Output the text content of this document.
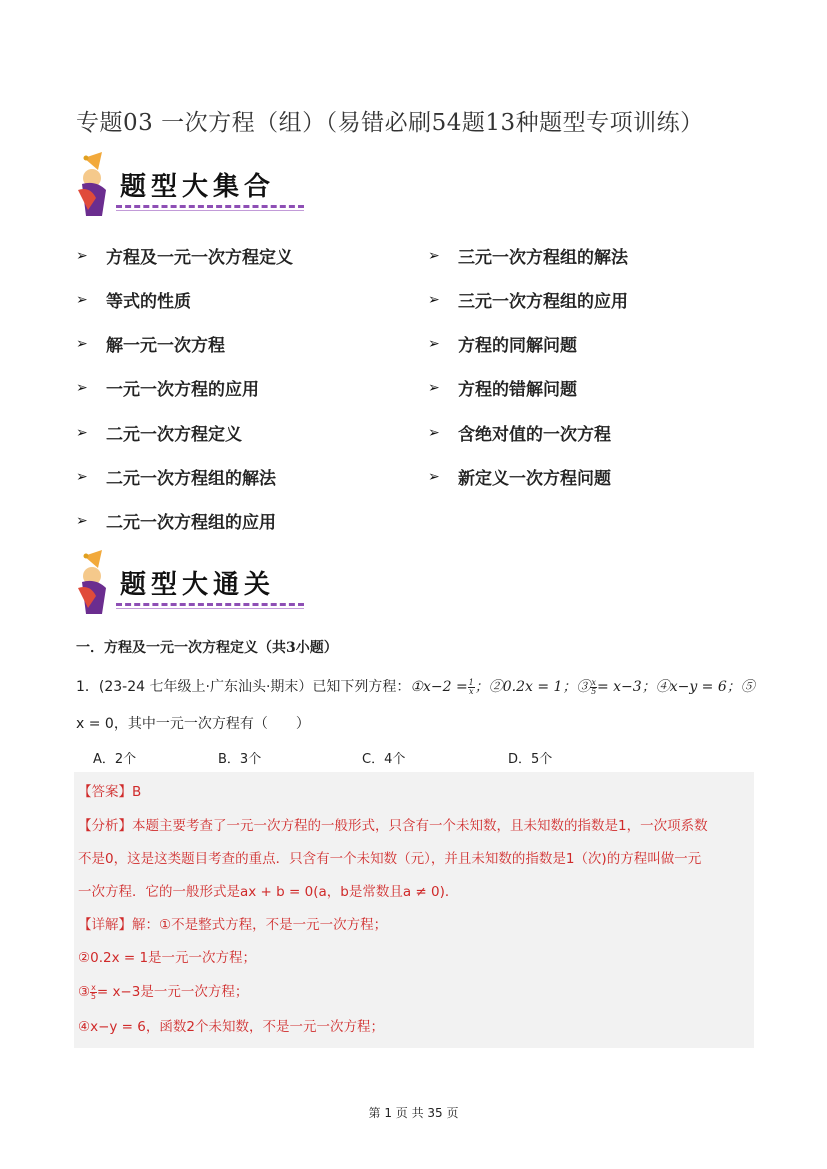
专题03 一次方程（组）（易错必刷54题13种题型专项训练）
题型大集合
➢	方程及一元一次方程定义
➢	等式的性质
➢	解一元一次方程
➢	一元一次方程的应用
➢	二元一次方程定义
➢	二元一次方程组的解法
➢	二元一次方程组的应用
➢	三元一次方程组的解法
➢	三元一次方程组的应用
➢	方程的同解问题
➢	方程的错解问题
➢	含绝对值的一次方程
➢	新定义一次方程问题
题型大通关
一．方程及一元一次方程定义（共3小题）
1．(23-24 七年级上·广东汕头·期末）已知下列方程：①x−2 = $\frac{1}{x}$ ；②0.2x = 1；③ $\frac{x}{5} = x-3$；④x−y = 6；⑤
x = 0，其中一元一次方程有（　　）
A．2个	B．3个	C．4个	D．5个
【答案】B
【分析】本题主要考查了一元一次方程的一般形式，只含有一个未知数，且未知数的指数是1，一次项系数
不是0，这是这类题目考查的重点．只含有一个未知数（元），并且未知数的指数是1（次)的方程叫做一元
一次方程．它的一般形式是ax + b = 0(a，b是常数且a ≠ 0)．
【详解】解：①不是整式方程，不是一元一次方程；
②0.2x = 1是一元一次方程；
③ $\frac{x}{5} = x-3$是一元一次方程；
④x−y = 6，函数2个未知数，不是一元一次方程；
第 1 页 共 35 页
